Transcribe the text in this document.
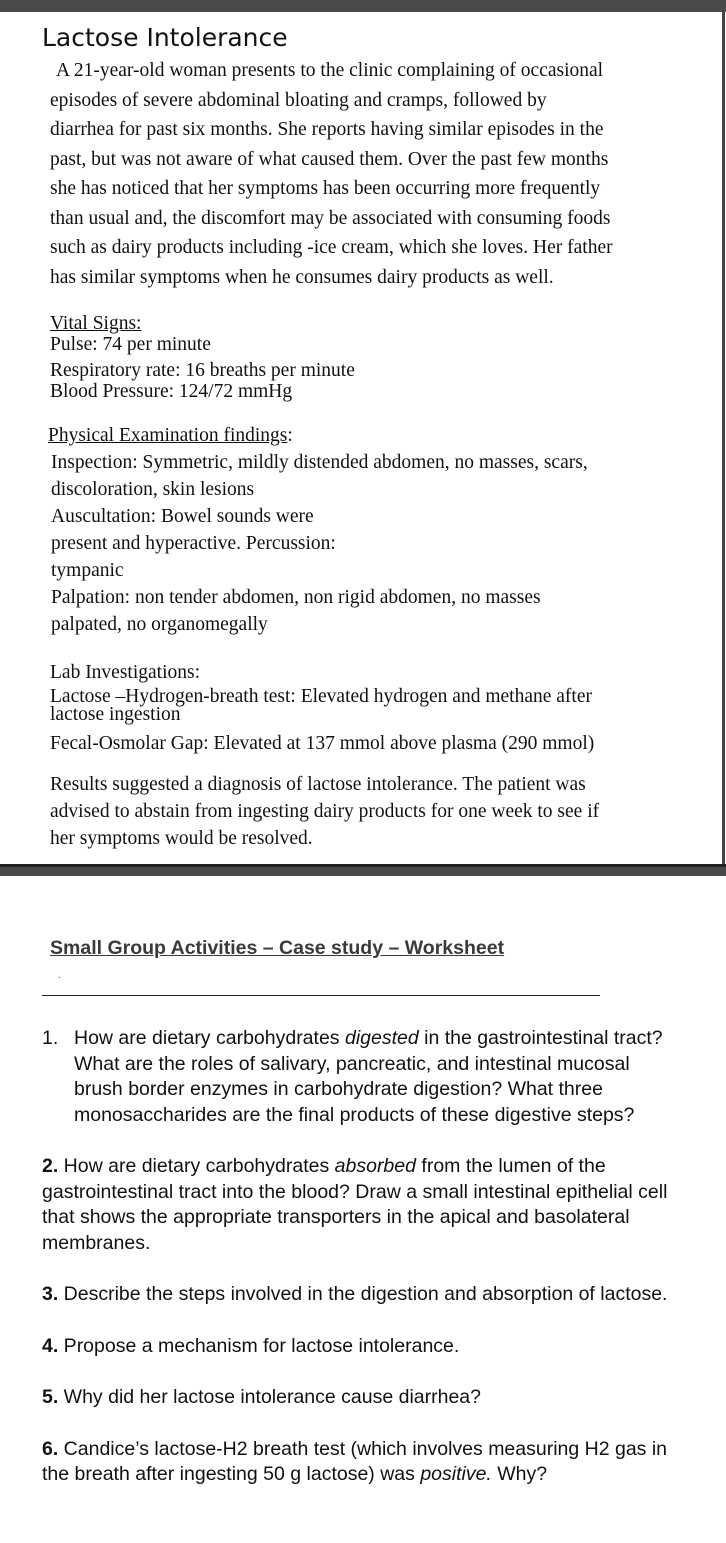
Lactose Intolerance
A 21-year-old woman presents to the clinic complaining of occasional
episodes of severe abdominal bloating and cramps, followed by
diarrhea for past six months. She reports having similar episodes in the
past, but was not aware of what caused them. Over the past few months
she has noticed that her symptoms has been occurring more frequently
than usual and, the discomfort may be associated with consuming foods
such as dairy products including -ice cream, which she loves. Her father
has similar symptoms when he consumes dairy products as well.
Vital Signs:
Pulse: 74 per minute
Respiratory rate: 16 breaths per minute
Blood Pressure: 124/72 mmHg
Physical Examination findings:
Inspection: Symmetric, mildly distended abdomen, no masses, scars,
discoloration, skin lesions
Auscultation: Bowel sounds were
present and hyperactive. Percussion:
tympanic
Palpation: non tender abdomen, non rigid abdomen, no masses
palpated, no organomegally
Lab Investigations:
Lactose –Hydrogen-breath test: Elevated hydrogen and methane after
lactose ingestion
Fecal-Osmolar Gap: Elevated at 137 mmol above plasma (290 mmol)
Results suggested a diagnosis of lactose intolerance. The patient was
advised to abstain from ingesting dairy products for one week to see if
her symptoms would be resolved.
Small Group Activities – Case study – Worksheet
.
1. How are dietary carbohydrates digested in the gastrointestinal tract? What are the roles of salivary, pancreatic, and intestinal mucosal brush border enzymes in carbohydrate digestion? What three monosaccharides are the final products of these digestive steps?
2. How are dietary carbohydrates absorbed from the lumen of the gastrointestinal tract into the blood? Draw a small intestinal epithelial cell that shows the appropriate transporters in the apical and basolateral membranes.
3. Describe the steps involved in the digestion and absorption of lactose.
4. Propose a mechanism for lactose intolerance.
5. Why did her lactose intolerance cause diarrhea?
6. Candice’s lactose-H2 breath test (which involves measuring H2 gas in the breath after ingesting 50 g lactose) was positive. Why?
